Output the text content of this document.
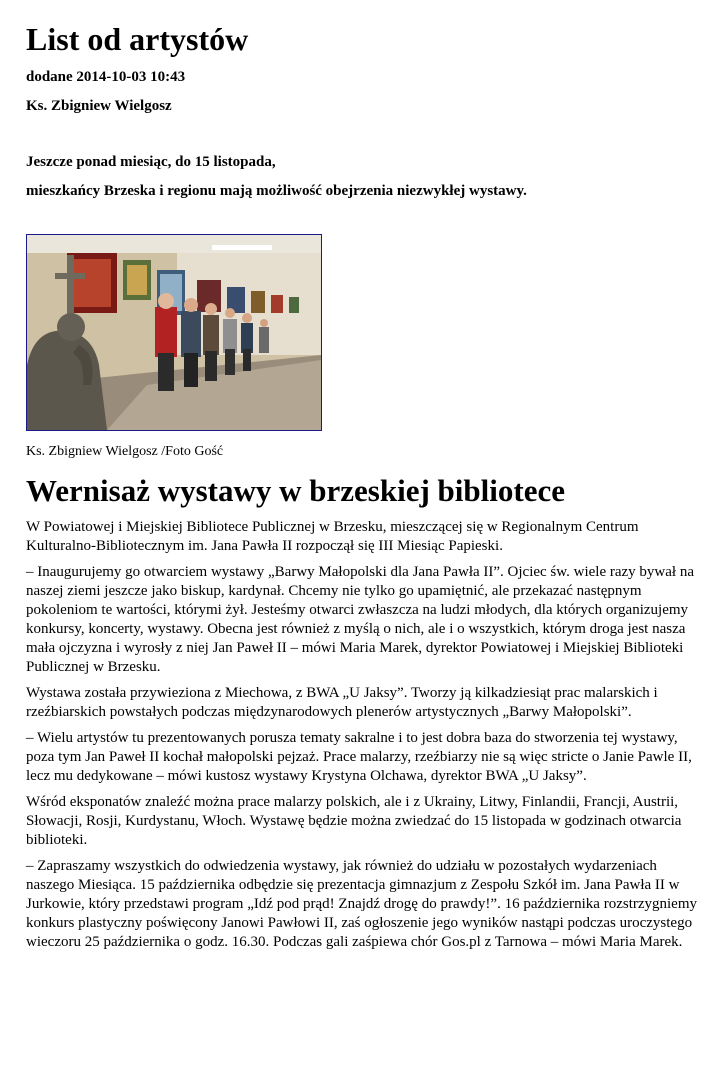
List od artystów
dodane 2014-10-03 10:43
Ks. Zbigniew Wielgosz
Jeszcze ponad miesiąc, do 15 listopada,
mieszkańcy Brzeska i regionu mają możliwość obejrzenia niezwykłej wystawy.
Ks. Zbigniew Wielgosz /Foto Gość
Wernisaż wystawy w brzeskiej bibliotece

W Powiatowej i Miejskiej Bibliotece Publicznej w Brzesku, mieszczącej się w Regionalnym Centrum Kulturalno-Bibliotecznym im. Jana Pawła II rozpoczął się III Miesiąc Papieski.

– Inaugurujemy go otwarciem wystawy „Barwy Małopolski dla Jana Pawła II”. Ojciec św. wiele razy bywał na naszej ziemi jeszcze jako biskup, kardynał. Chcemy nie tylko go upamiętnić, ale przekazać następnym pokoleniom te wartości, którymi żył. Jesteśmy otwarci zwłaszcza na ludzi młodych, dla których organizujemy konkursy, koncerty, wystawy. Obecna jest również z myślą o nich, ale i o wszystkich, którym droga jest nasza mała ojczyzna i wyrosły z niej Jan Paweł II – mówi Maria Marek, dyrektor Powiatowej i Miejskiej Biblioteki Publicznej w Brzesku.

Wystawa została przywieziona z Miechowa, z BWA „U Jaksy”. Tworzy ją kilkadziesiąt prac malarskich i rzeźbiarskich powstałych podczas międzynarodowych plenerów artystycznych „Barwy Małopolski”.

– Wielu artystów tu prezentowanych porusza tematy sakralne i to jest dobra baza do stworzenia tej wystawy, poza tym Jan Paweł II kochał małopolski pejzaż. Prace malarzy, rzeźbiarzy nie są więc stricte o Janie Pawle II, lecz mu dedykowane – mówi kustosz wystawy Krystyna Olchawa, dyrektor BWA „U Jaksy”.

Wśród eksponatów znaleźć można prace malarzy polskich, ale i z Ukrainy, Litwy, Finlandii, Francji, Austrii, Słowacji, Rosji, Kurdystanu, Włoch. Wystawę będzie można zwiedzać do 15 listopada w godzinach otwarcia biblioteki.

– Zapraszamy wszystkich do odwiedzenia wystawy, jak również do udziału w pozostałych wydarzeniach naszego Miesiąca. 15 października odbędzie się prezentacja gimnazjum z Zespołu Szkół im. Jana Pawła II w Jurkowie, który przedstawi program „Idź pod prąd! Znajdź drogę do prawdy!”. 16 października rozstrzygniemy konkurs plastyczny poświęcony Janowi Pawłowi II, zaś ogłoszenie jego wyników nastąpi podczas uroczystego wieczoru 25 października o godz. 16.30. Podczas gali zaśpiewa chór Gos.pl z Tarnowa – mówi Maria Marek.
